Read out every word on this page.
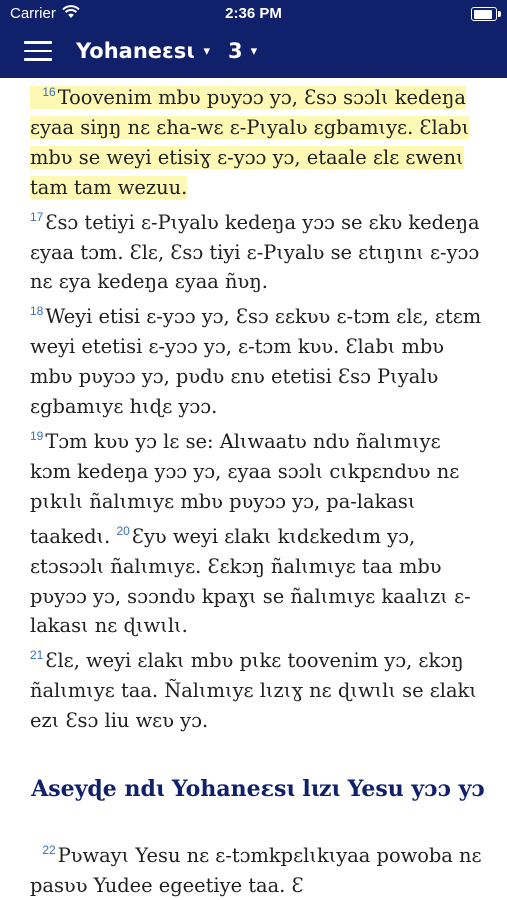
Carrier	2:36 PM
Yohaneɛsɩ ▾ 3 ▾

$^{16}$ Toovenim mbʋ pʋyɔɔ yɔ, Ɛsɔ sɔɔlɩ kedeŋa ɛyaa siŋŋ nɛ ɛha-wɛ ɛ-Pɩyalʋ ɛgbamɩyɛ. Ɛlabɩ mbʋ se weyi etisiɣ ɛ-yɔɔ yɔ, etaale ɛlɛ ɛwenɩ tam tam wezuu.
$^{17}$ Ɛsɔ tetiyi ɛ-Pɩyalʋ kedeŋa yɔɔ se ɛkʋ kedeŋa ɛyaa tɔm. Ɛlɛ, Ɛsɔ tiyi ɛ-Pɩyalʋ se ɛtɩŋɩnɩ ɛ-yɔɔ nɛ ɛya kedeŋa ɛyaa ñʋŋ.
$^{18}$ Weyi etisi ɛ-yɔɔ yɔ, Ɛsɔ ɛɛkʋʋ ɛ-tɔm ɛlɛ, ɛtɛm weyi etetisi ɛ-yɔɔ yɔ, ɛ-tɔm kʋʋ. Ɛlabɩ mbʋ mbʋ pʋyɔɔ yɔ, pʋdʋ ɛnʋ etetisi Ɛsɔ Pɩyalʋ ɛgbamɩyɛ hɩɖɛ yɔɔ.
$^{19}$ Tɔm kʋʋ yɔ lɛ se: Alɩwaatʋ ndʋ ñalɩmɩyɛ kɔm kedeŋa yɔɔ yɔ, ɛyaa sɔɔlɩ cɩkpɛndʋʋ nɛ pɩkɩlɩ ñalɩmɩyɛ mbʋ pʋyɔɔ yɔ, pa-lakasɩ taakedɩ. $^{20}$ Ɛyʋ weyi ɛlakɩ kɩdɛkedɩm yɔ, ɛtɔsɔɔlɩ ñalɩmɩyɛ. Ɛɛkɔŋ ñalɩmɩyɛ taa mbʋ pʋyɔɔ yɔ, sɔɔndʋ kpaɣɩ se ñalɩmɩyɛ kaalɩzɩ ɛ-lakasɩ nɛ ɖɩwɩlɩ.
$^{21}$ Ɛlɛ, weyi ɛlakɩ mbʋ pɩkɛ toovenim yɔ, ɛkɔŋ ñalɩmɩyɛ taa. Ñalɩmɩyɛ lɩzɩɣ nɛ ɖɩwɩlɩ se ɛlakɩ ezɩ Ɛsɔ liu wɛʋ yɔ.

Aseyɖe ndɩ Yohaneɛsɩ lɩzɩ Yesu yɔɔ yɔ

$^{22}$ Pʋwayɩ Yesu nɛ ɛ-tɔmkpɛlɩkɩyaa powoba nɛ pasʋʋ Yudee egeetiye taa. Ɛ
